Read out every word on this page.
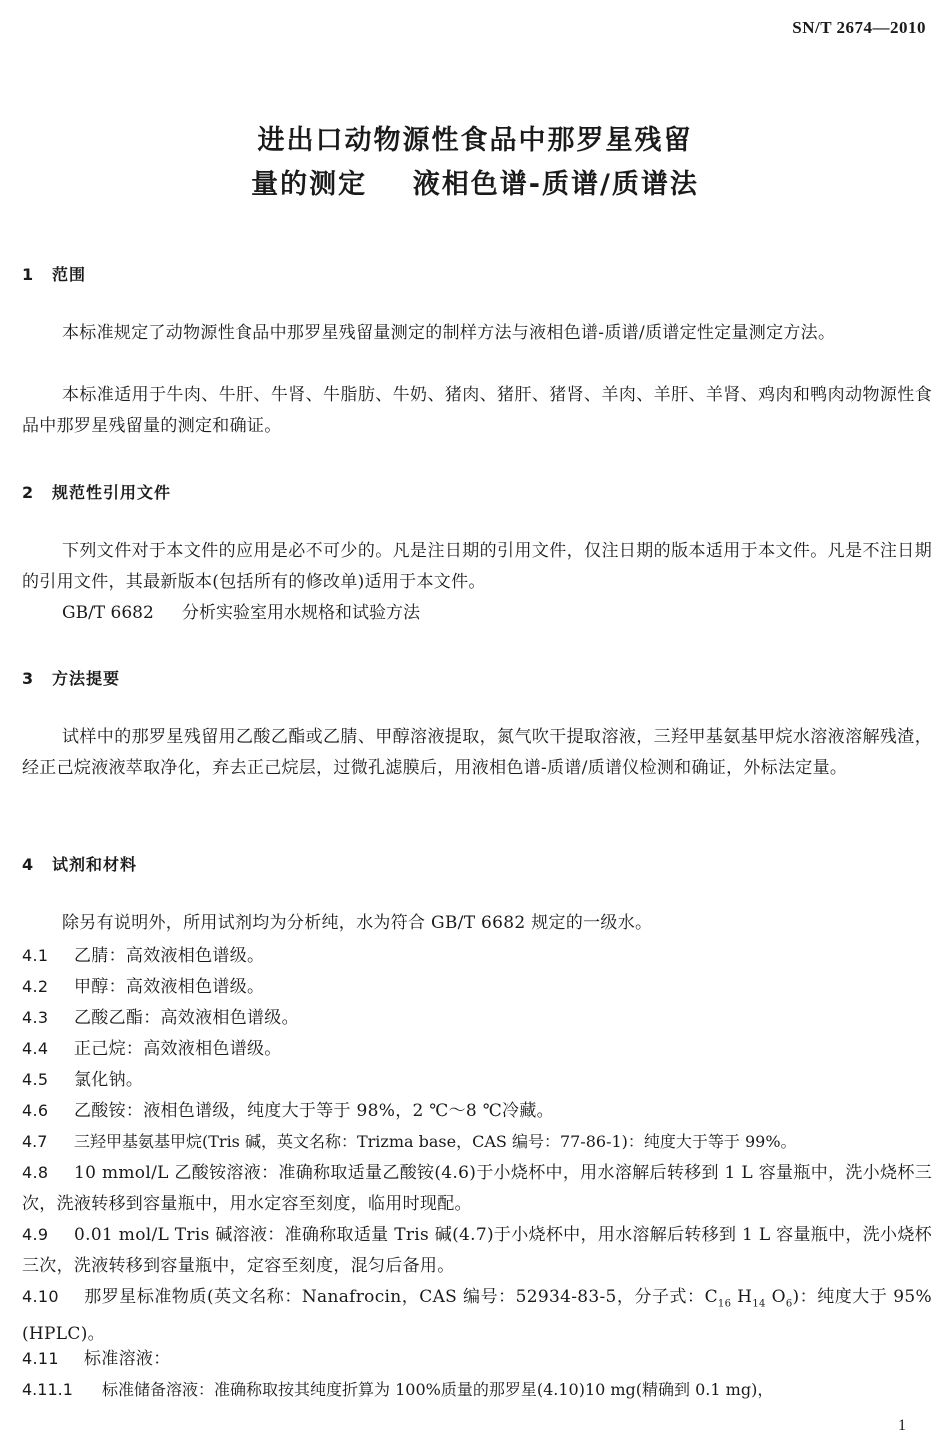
SN/T 2674—2010
进出口动物源性食品中那罗星残留
量的测定    液相色谱-质谱/质谱法
1 范围
本标准规定了动物源性食品中那罗星残留量测定的制样方法与液相色谱-质谱/质谱定性定量测定方法。
本标准适用于牛肉、牛肝、牛肾、牛脂肪、牛奶、猪肉、猪肝、猪肾、羊肉、羊肝、羊肾、鸡肉和鸭肉动物源性食品中那罗星残留量的测定和确证。
2 规范性引用文件
下列文件对于本文件的应用是必不可少的。凡是注日期的引用文件，仅注日期的版本适用于本文件。凡是不注日期的引用文件，其最新版本(包括所有的修改单)适用于本文件。
GB/T 6682 分析实验室用水规格和试验方法
3 方法提要
试样中的那罗星残留用乙酸乙酯或乙腈、甲醇溶液提取，氮气吹干提取溶液，三羟甲基氨基甲烷水溶液溶解残渣，经正己烷液液萃取净化，弃去正己烷层，过微孔滤膜后，用液相色谱-质谱/质谱仪检测和确证，外标法定量。
4 试剂和材料
除另有说明外，所用试剂均为分析纯，水为符合 GB/T 6682 规定的一级水。
4.1 乙腈：高效液相色谱级。
4.2 甲醇：高效液相色谱级。
4.3 乙酸乙酯：高效液相色谱级。
4.4 正己烷：高效液相色谱级。
4.5 氯化钠。
4.6 乙酸铵：液相色谱级，纯度大于等于 98%，2 ℃～8 ℃冷藏。
4.7 三羟甲基氨基甲烷(Tris 碱，英文名称：Trizma base，CAS 编号：77-86-1)：纯度大于等于 99%。
4.8 10 mmol/L 乙酸铵溶液：准确称取适量乙酸铵(4.6)于小烧杯中，用水溶解后转移到 1 L 容量瓶中，洗小烧杯三次，洗液转移到容量瓶中，用水定容至刻度，临用时现配。
4.9 0.01 mol/L Tris 碱溶液：准确称取适量 Tris 碱(4.7)于小烧杯中，用水溶解后转移到 1 L 容量瓶中，洗小烧杯三次，洗液转移到容量瓶中，定容至刻度，混匀后备用。
4.10 那罗星标准物质(英文名称：Nanafrocin，CAS 编号：52934-83-5，分子式：$C_{16}$ $H_{14}$ $O_6$)：纯度大于 95%(HPLC)。
4.11 标准溶液：
4.11.1 标准储备溶液：准确称取按其纯度折算为 100%质量的那罗星(4.10)10 mg(精确到 0.1 mg)，
1
